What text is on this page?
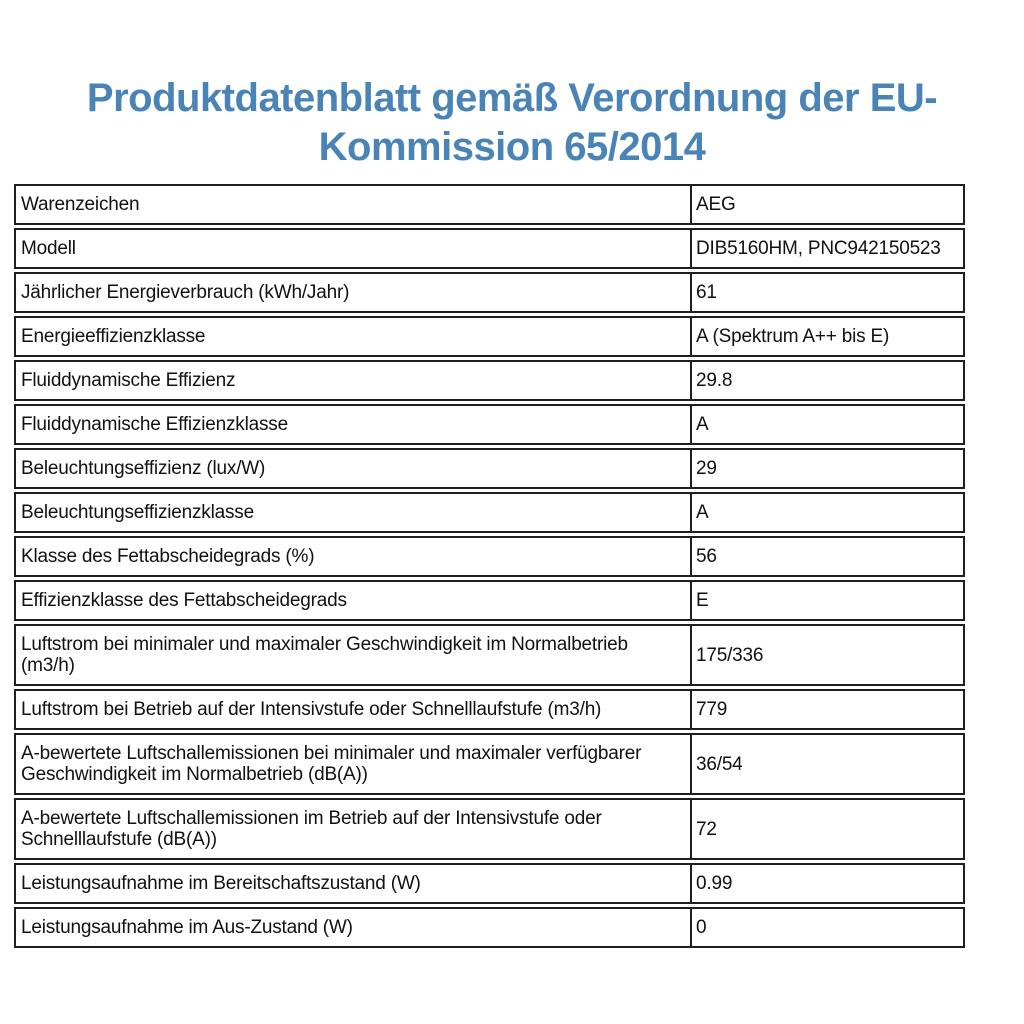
Produktdatenblatt gemäß Verordnung der EU-Kommission 65/2014
Warenzeichen	AEG
Modell	DIB5160HM, PNC942150523
Jährlicher Energieverbrauch (kWh/Jahr)	61
Energieeffizienzklasse	A (Spektrum A++ bis E)
Fluiddynamische Effizienz	29.8
Fluiddynamische Effizienzklasse	A
Beleuchtungseffizienz (lux/W)	29
Beleuchtungseffizienzklasse	A
Klasse des Fettabscheidegrads (%)	56
Effizienzklasse des Fettabscheidegrads	E
Luftstrom bei minimaler und maximaler Geschwindigkeit im Normalbetrieb (m3/h)	175/336
Luftstrom bei Betrieb auf der Intensivstufe oder Schnelllaufstufe (m3/h)	779
A-bewertete Luftschallemissionen bei minimaler und maximaler verfügbarer Geschwindigkeit im Normalbetrieb (dB(A))	36/54
A-bewertete Luftschallemissionen im Betrieb auf der Intensivstufe oder Schnelllaufstufe (dB(A))	72
Leistungsaufnahme im Bereitschaftszustand (W)	0.99
Leistungsaufnahme im Aus-Zustand (W)	0
